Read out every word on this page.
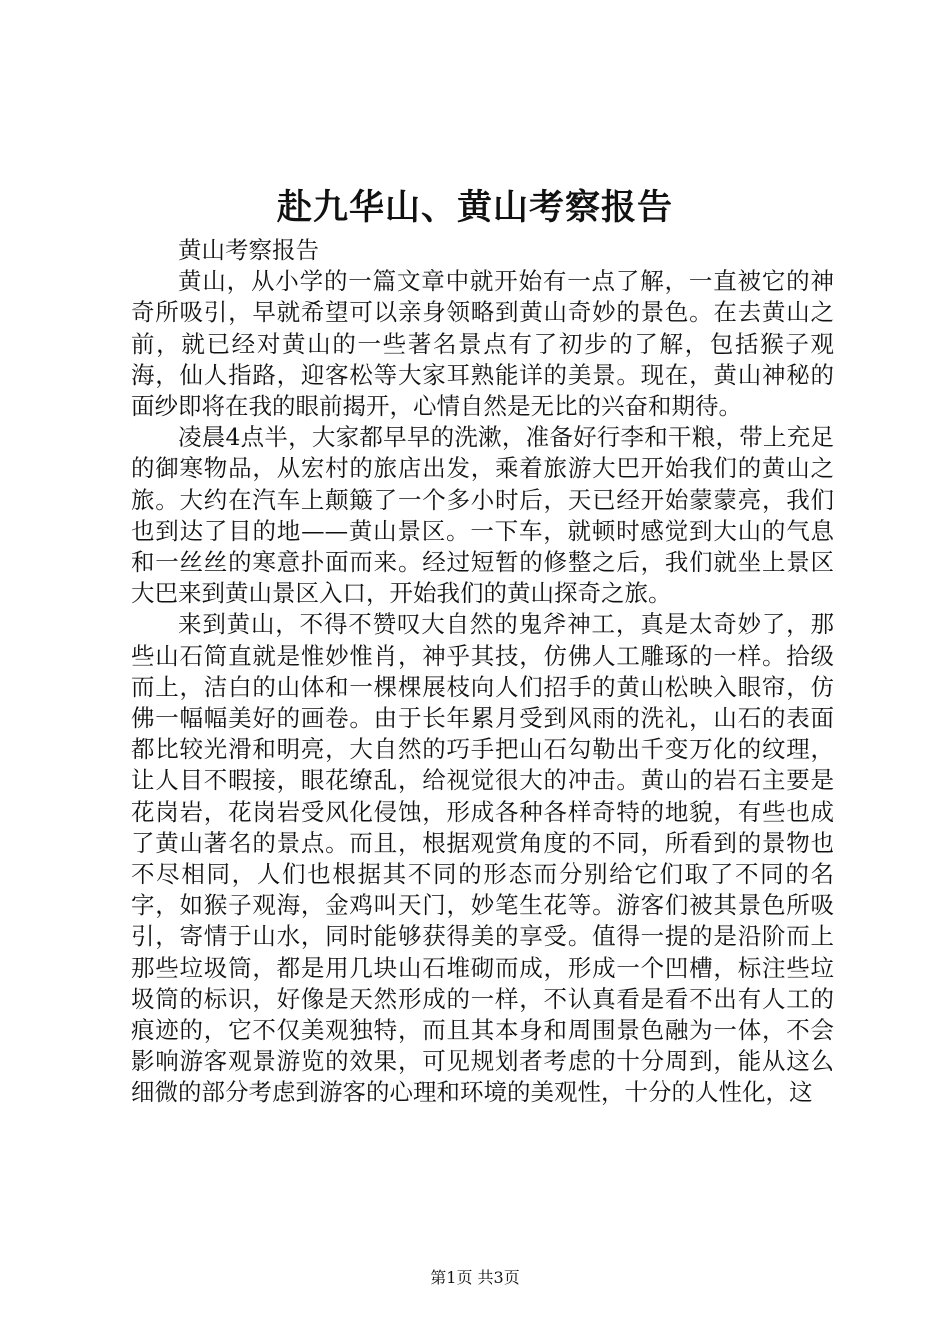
赴九华山、黄山考察报告

黄山考察报告

黄山，从小学的一篇文章中就开始有一点了解，一直被它的神奇所吸引，早就希望可以亲身领略到黄山奇妙的景色。在去黄山之前，就已经对黄山的一些著名景点有了初步的了解，包括猴子观海，仙人指路，迎客松等大家耳熟能详的美景。现在，黄山神秘的面纱即将在我的眼前揭开，心情自然是无比的兴奋和期待。

凌晨4点半，大家都早早的洗漱，准备好行李和干粮，带上充足的御寒物品，从宏村的旅店出发，乘着旅游大巴开始我们的黄山之旅。大约在汽车上颠簸了一个多小时后，天已经开始蒙蒙亮，我们也到达了目的地——黄山景区。一下车，就顿时感觉到大山的气息和一丝丝的寒意扑面而来。经过短暂的修整之后，我们就坐上景区大巴来到黄山景区入口，开始我们的黄山探奇之旅。

来到黄山，不得不赞叹大自然的鬼斧神工，真是太奇妙了，那些山石简直就是惟妙惟肖，神乎其技，仿佛人工雕琢的一样。拾级而上，洁白的山体和一棵棵展枝向人们招手的黄山松映入眼帘，仿佛一幅幅美好的画卷。由于长年累月受到风雨的洗礼，山石的表面都比较光滑和明亮，大自然的巧手把山石勾勒出千变万化的纹理，让人目不暇接，眼花缭乱，给视觉很大的冲击。黄山的岩石主要是花岗岩，花岗岩受风化侵蚀，形成各种各样奇特的地貌，有些也成了黄山著名的景点。而且，根据观赏角度的不同，所看到的景物也不尽相同，人们也根据其不同的形态而分别给它们取了不同的名字，如猴子观海，金鸡叫天门，妙笔生花等。游客们被其景色所吸引，寄情于山水，同时能够获得美的享受。值得一提的是沿阶而上那些垃圾筒，都是用几块山石堆砌而成，形成一个凹槽，标注些垃圾筒的标识，好像是天然形成的一样，不认真看是看不出有人工的痕迹的，它不仅美观独特，而且其本身和周围景色融为一体，不会影响游客观景游览的效果，可见规划者考虑的十分周到，能从这么细微的部分考虑到游客的心理和环境的美观性，十分的人性化，这

第1页 共3页
